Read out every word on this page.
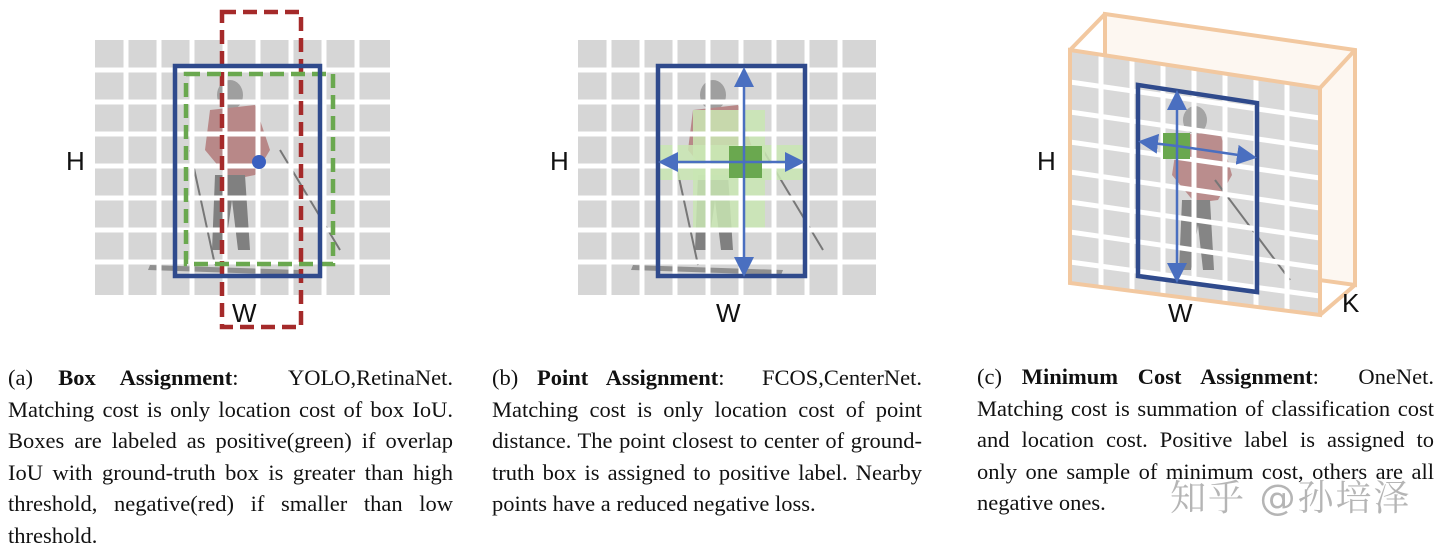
H
W
H
W
H
W	K
(a) Box Assignment:  YOLO,RetinaNet. Matching cost is only location cost of box IoU. Boxes are labeled as positive(green) if overlap IoU with ground-truth box is greater than high threshold, negative(red) if smaller than low threshold.
(b) Point Assignment:  FCOS,CenterNet. Matching cost is only location cost of point distance. The point closest to center of ground-truth box is assigned to positive label. Nearby points have a reduced negative loss.
(c) Minimum Cost Assignment:  OneNet. Matching cost is summation of classification cost and location cost. Positive label is assigned to only one sample of minimum cost, others are all negative ones.	知乎 @孙培泽
